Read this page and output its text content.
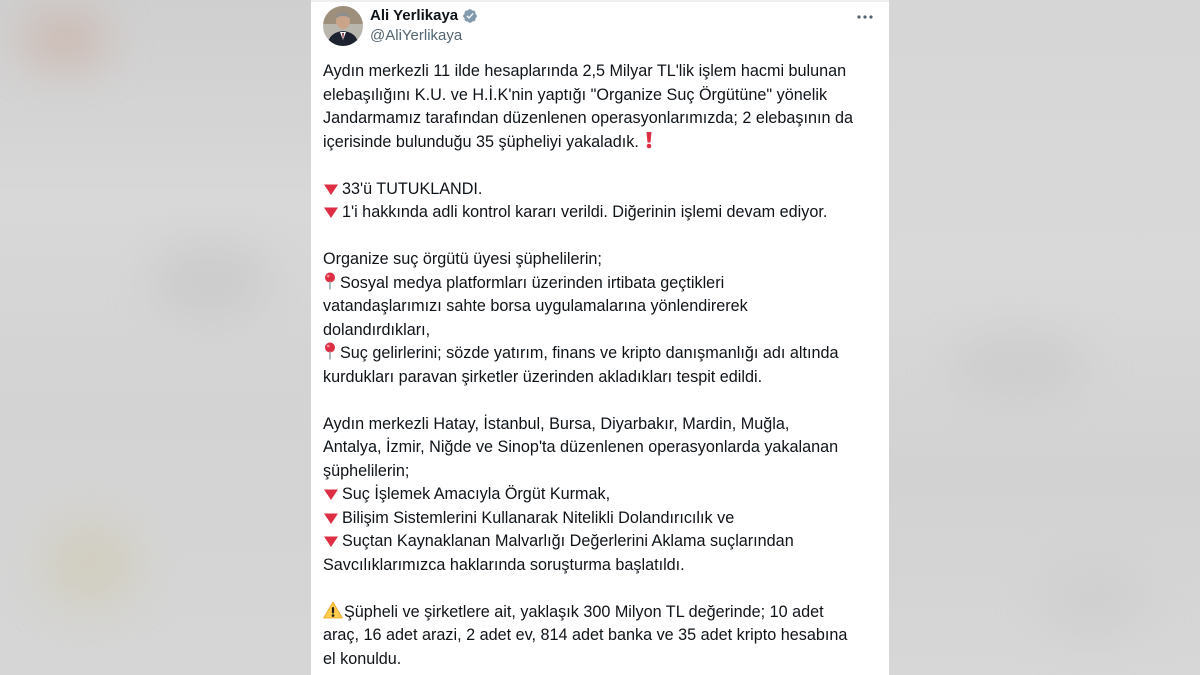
Ali Yerlikaya
@AliYerlikaya
Aydın merkezli 11 ilde hesaplarında 2,5 Milyar TL'lik işlem hacmi bulunan
elebaşılığını K.U. ve H.İ.K'nin yaptığı "Organize Suç Örgütüne" yönelik
Jandarmamız tarafından düzenlenen operasyonlarımızda; 2 elebaşının da
içerisinde bulunduğu 35 şüpheliyi yakaladık.
33'ü TUTUKLANDI.
1'i hakkında adli kontrol kararı verildi. Diğerinin işlemi devam ediyor.
Organize suç örgütü üyesi şüphelilerin;
Sosyal medya platformları üzerinden irtibata geçtikleri
vatandaşlarımızı sahte borsa uygulamalarına yönlendirerek
dolandırdıkları,
Suç gelirlerini; sözde yatırım, finans ve kripto danışmanlığı adı altında
kurdukları paravan şirketler üzerinden akladıkları tespit edildi.
Aydın merkezli Hatay, İstanbul, Bursa, Diyarbakır, Mardin, Muğla,
Antalya, İzmir, Niğde ve Sinop'ta düzenlenen operasyonlarda yakalanan
şüphelilerin;
Suç İşlemek Amacıyla Örgüt Kurmak,
Bilişim Sistemlerini Kullanarak Nitelikli Dolandırıcılık ve
Suçtan Kaynaklanan Malvarlığı Değerlerini Aklama suçlarından
Savcılıklarımızca haklarında soruşturma başlatıldı.
Şüpheli ve şirketlere ait, yaklaşık 300 Milyon TL değerinde; 10 adet
araç, 16 adet arazi, 2 adet ev, 814 adet banka ve 35 adet kripto hesabına
el konuldu.
